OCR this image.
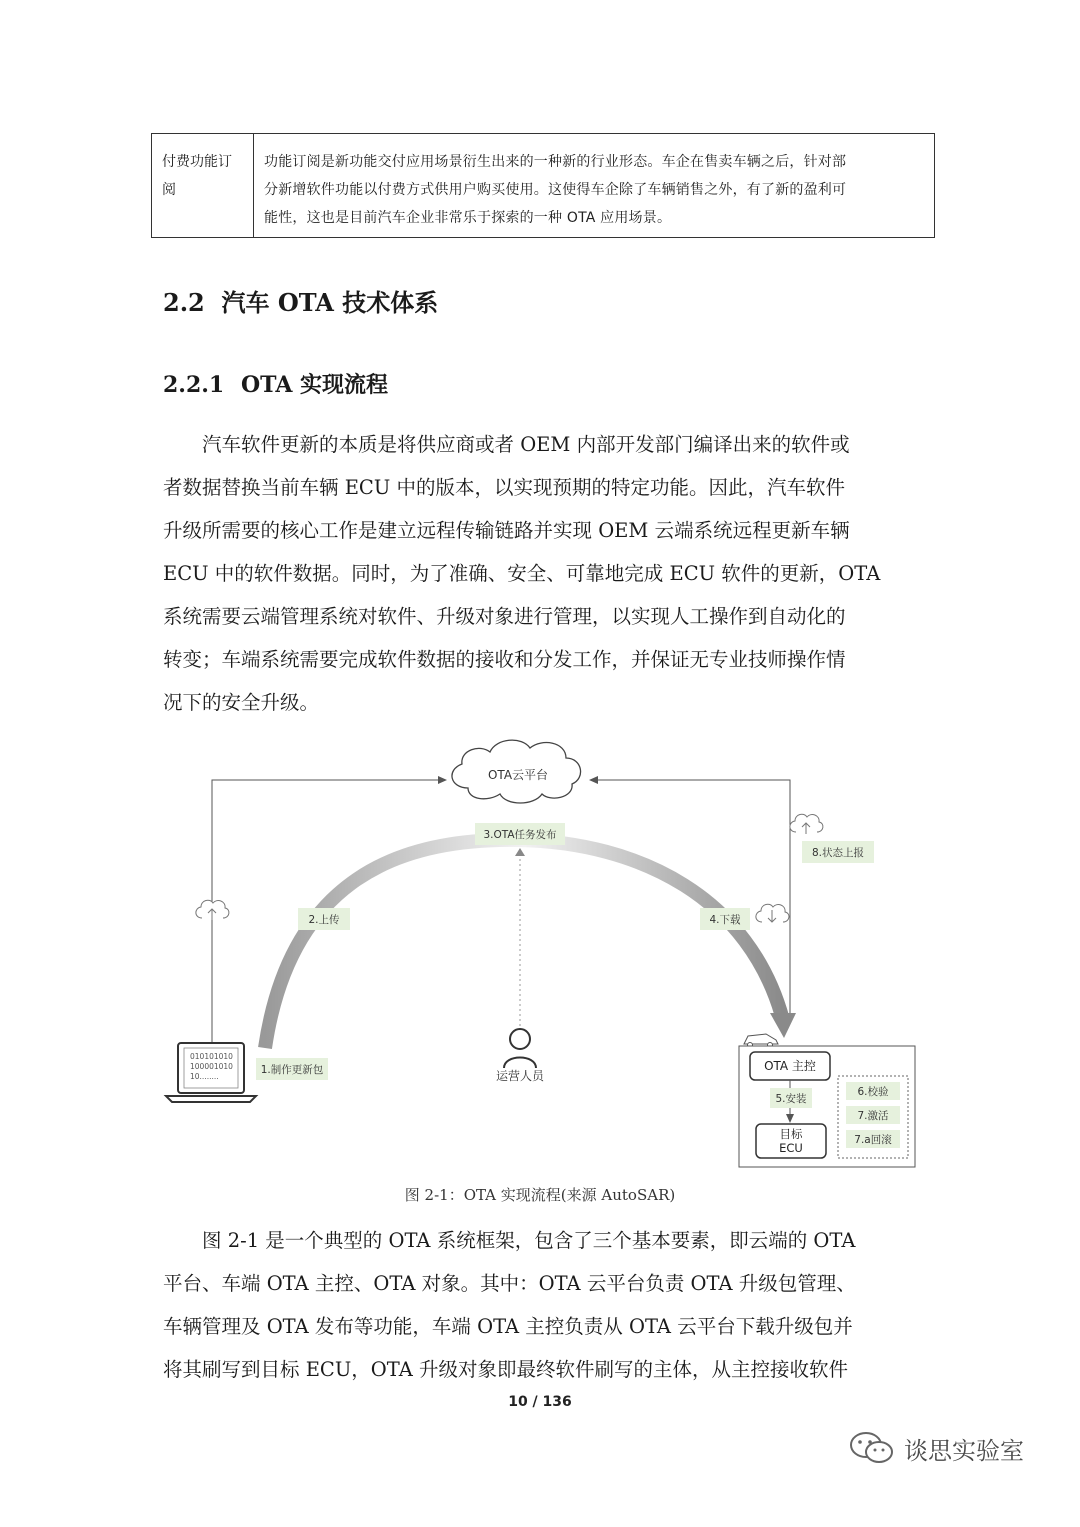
付费功能订
阅
功能订阅是新功能交付应用场景衍生出来的一种新的行业形态。车企在售卖车辆之后，针对部
分新增软件功能以付费方式供用户购买使用。这使得车企除了车辆销售之外，有了新的盈利可
能性，这也是目前汽车企业非常乐于探索的一种 OTA 应用场景。
2.2 汽车 OTA 技术体系
2.2.1 OTA 实现流程

　　汽车软件更新的本质是将供应商或者 OEM 内部开发部门编译出来的软件或
者数据替换当前车辆 ECU 中的版本，以实现预期的特定功能。因此，汽车软件
升级所需要的核心工作是建立远程传输链路并实现 OEM 云端系统远程更新车辆
ECU 中的软件数据。同时，为了准确、安全、可靠地完成 ECU 软件的更新，OTA
系统需要云端管理系统对软件、升级对象进行管理，以实现人工操作到自动化的
转变；车端系统需要完成软件数据的接收和分发工作，并保证无专业技师操作情
况下的安全升级。

OTA云平台
3.OTA任务发布
8.状态上报
2.上传	4.下载
1.制作更新包
010101010
100001010
10........	运营人员
OTA 主控
5.安装
目标
ECU
6.校验
7.激活
7.a回滚
图 2-1：OTA 实现流程(来源 AutoSAR)

　　图 2-1 是一个典型的 OTA 系统框架，包含了三个基本要素，即云端的 OTA
平台、车端 OTA 主控、OTA 对象。其中：OTA 云平台负责 OTA 升级包管理、
车辆管理及 OTA 发布等功能，车端 OTA 主控负责从 OTA 云平台下载升级包并
将其刷写到目标 ECU，OTA 升级对象即最终软件刷写的主体，从主控接收软件

10 / 136
谈思实验室
